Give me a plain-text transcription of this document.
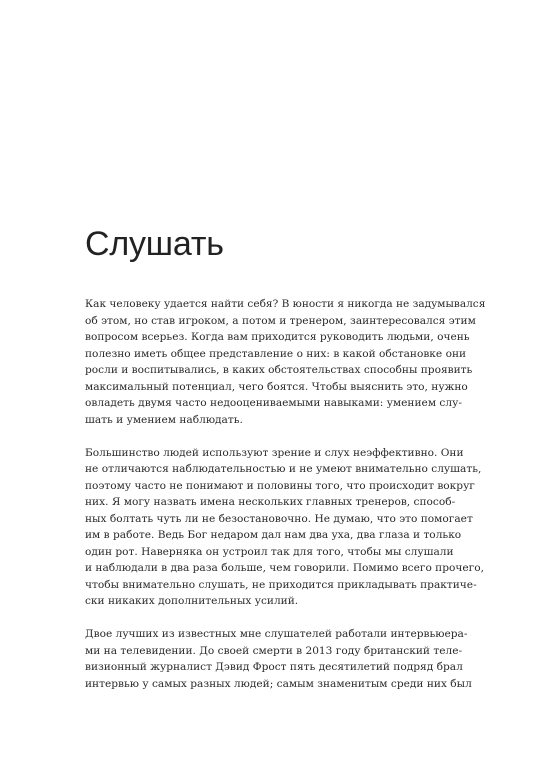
Слушать

Как человеку удается найти себя? В юности я никогда не задумывался
об этом, но став игроком, а потом и тренером, заинтересовался этим
вопросом всерьез. Когда вам приходится руководить людьми, очень
полезно иметь общее представление о них: в какой обстановке они
росли и воспитывались, в каких обстоятельствах способны проявить
максимальный потенциал, чего боятся. Чтобы выяснить это, нужно
овладеть двумя часто недооцениваемыми навыками: умением слу-
шать и умением наблюдать.

Большинство людей используют зрение и слух неэффективно. Они
не отличаются наблюдательностью и не умеют внимательно слушать,
поэтому часто не понимают и половины того, что происходит вокруг
них. Я могу назвать имена нескольких главных тренеров, способ-
ных болтать чуть ли не безостановочно. Не думаю, что это помогает
им в работе. Ведь Бог недаром дал нам два уха, два глаза и только
один рот. Наверняка он устроил так для того, чтобы мы слушали
и наблюдали в два раза больше, чем говорили. Помимо всего прочего,
чтобы внимательно слушать, не приходится прикладывать практиче-
ски никаких дополнительных усилий.

Двое лучших из известных мне слушателей работали интервьюера-
ми на телевидении. До своей смерти в 2013 году британский теле-
визионный журналист Дэвид Фрост пять десятилетий подряд брал
интервью у самых разных людей; самым знаменитым среди них был
